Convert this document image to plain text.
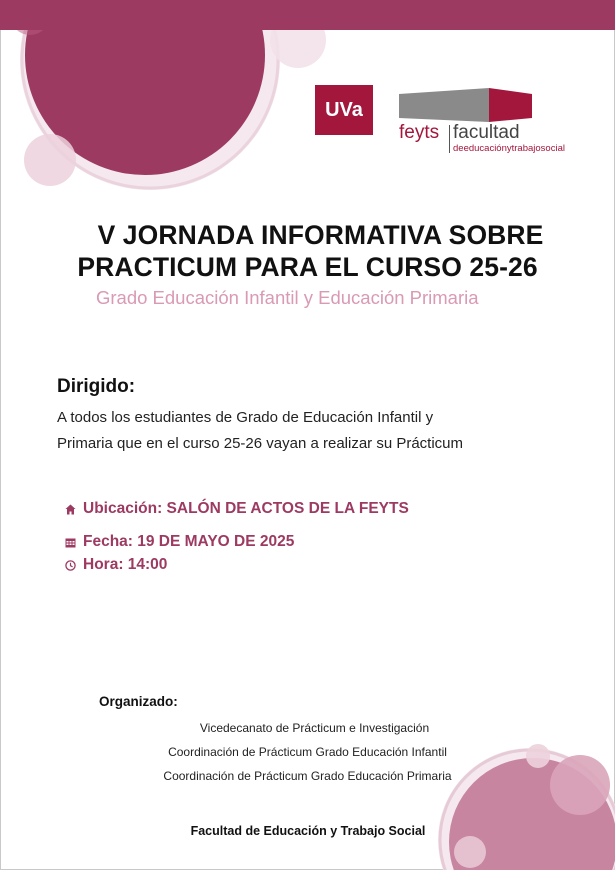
UVa
feyts facultad
deeducaciónytrabajosocial
V JORNADA INFORMATIVA SOBRE
PRACTICUM PARA EL CURSO 25-26
Grado Educación Infantil y Educación Primaria
Dirigido:
A todos los estudiantes de Grado de Educación Infantil y
Primaria que en el curso 25-26 vayan a realizar su Prácticum
Ubicación: SALÓN DE ACTOS DE LA FEYTS
Fecha: 19 DE MAYO DE 2025
Hora: 14:00
Organizado:
Vicedecanato de Prácticum e Investigación
Coordinación de Prácticum Grado Educación Infantil
Coordinación de Prácticum Grado Educación Primaria
Facultad de Educación y Trabajo Social
